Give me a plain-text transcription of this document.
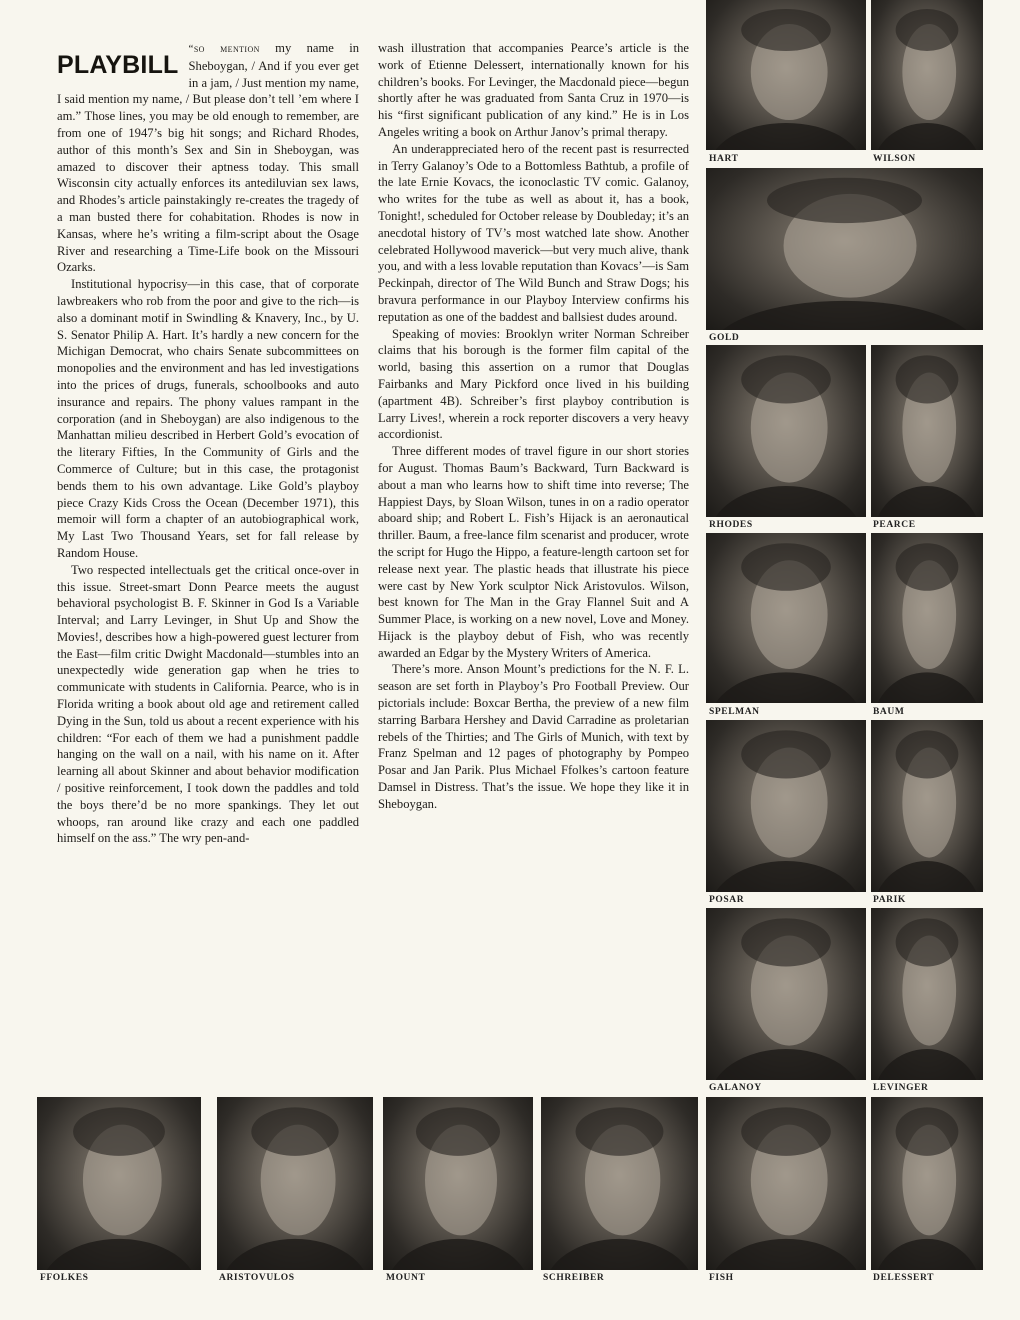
PLAYBILL

“so mention my name in Sheboygan, / And if you ever get in a jam, / Just mention my name, I said mention my name, / But please don’t tell ’em where I am.” Those lines, you may be old enough to remember, are from one of 1947’s big hit songs; and Richard Rhodes, author of this month’s Sex and Sin in Sheboygan, was amazed to discover their aptness today. This small Wisconsin city actually enforces its antediluvian sex laws, and Rhodes’s article painstakingly re-creates the tragedy of a man busted there for cohabitation. Rhodes is now in Kansas, where he’s writing a film-script about the Osage River and researching a Time-Life book on the Missouri Ozarks.

Institutional hypocrisy—in this case, that of corporate lawbreakers who rob from the poor and give to the rich—is also a dominant motif in Swindling & Knavery, Inc., by U. S. Senator Philip A. Hart. It’s hardly a new concern for the Michigan Democrat, who chairs Senate subcommittees on monopolies and the environment and has led investigations into the prices of drugs, funerals, schoolbooks and auto insurance and repairs. The phony values rampant in the corporation (and in Sheboygan) are also indigenous to the Manhattan milieu described in Herbert Gold’s evocation of the literary Fifties, In the Community of Girls and the Commerce of Culture; but in this case, the protagonist bends them to his own advantage. Like Gold’s playboy piece Crazy Kids Cross the Ocean (December 1971), this memoir will form a chapter of an autobiographical work, My Last Two Thousand Years, set for fall release by Random House.

Two respected intellectuals get the critical once-over in this issue. Street-smart Donn Pearce meets the august behavioral psychologist B. F. Skinner in God Is a Variable Interval; and Larry Levinger, in Shut Up and Show the Movies!, describes how a high-powered guest lecturer from the East—film critic Dwight Macdonald—stumbles into an unexpectedly wide generation gap when he tries to communicate with students in California. Pearce, who is in Florida writing a book about old age and retirement called Dying in the Sun, told us about a recent experience with his children: “For each of them we had a punishment paddle hanging on the wall on a nail, with his name on it. After learning all about Skinner and about behavior modification / positive reinforcement, I took down the paddles and told the boys there’d be no more spankings. They let out whoops, ran around like crazy and each one paddled himself on the ass.” The wry pen-and-

wash illustration that accompanies Pearce’s article is the work of Etienne Delessert, internationally known for his children’s books. For Levinger, the Macdonald piece—begun shortly after he was graduated from Santa Cruz in 1970—is his “first significant publication of any kind.” He is in Los Angeles writing a book on Arthur Janov’s primal therapy.

An underappreciated hero of the recent past is resurrected in Terry Galanoy’s Ode to a Bottomless Bathtub, a profile of the late Ernie Kovacs, the iconoclastic TV comic. Galanoy, who writes for the tube as well as about it, has a book, Tonight!, scheduled for October release by Doubleday; it’s an anecdotal history of TV’s most watched late show. Another celebrated Hollywood maverick—but very much alive, thank you, and with a less lovable reputation than Kovacs’—is Sam Peckinpah, director of The Wild Bunch and Straw Dogs; his bravura performance in our Playboy Interview confirms his reputation as one of the baddest and ballsiest dudes around.

Speaking of movies: Brooklyn writer Norman Schreiber claims that his borough is the former film capital of the world, basing this assertion on a rumor that Douglas Fairbanks and Mary Pickford once lived in his building (apartment 4B). Schreiber’s first playboy contribution is Larry Lives!, wherein a rock reporter discovers a very heavy accordionist.

Three different modes of travel figure in our short stories for August. Thomas Baum’s Backward, Turn Backward is about a man who learns how to shift time into reverse; The Happiest Days, by Sloan Wilson, tunes in on a radio operator aboard ship; and Robert L. Fish’s Hijack is an aeronautical thriller. Baum, a free-lance film scenarist and producer, wrote the script for Hugo the Hippo, a feature-length cartoon set for release next year. The plastic heads that illustrate his piece were cast by New York sculptor Nick Aristovulos. Wilson, best known for The Man in the Gray Flannel Suit and A Summer Place, is working on a new novel, Love and Money. Hijack is the playboy debut of Fish, who was recently awarded an Edgar by the Mystery Writers of America.

There’s more. Anson Mount’s predictions for the N. F. L. season are set forth in Playboy’s Pro Football Preview. Our pictorials include: Boxcar Bertha, the preview of a new film starring Barbara Hershey and David Carradine as proletarian rebels of the Thirties; and The Girls of Munich, with text by Franz Spelman and 12 pages of photography by Pompeo Posar and Jan Parik. Plus Michael Ffolkes’s cartoon feature Damsel in Distress. That’s the issue. We hope they like it in Sheboygan.

HART	WILSON
GOLD
RHODES	PEARCE
SPELMAN	BAUM
POSAR	PARIK
GALANOY	LEVINGER
FFOLKES	ARISTOVULOS	MOUNT	SCHREIBER	FISH	DELESSERT
